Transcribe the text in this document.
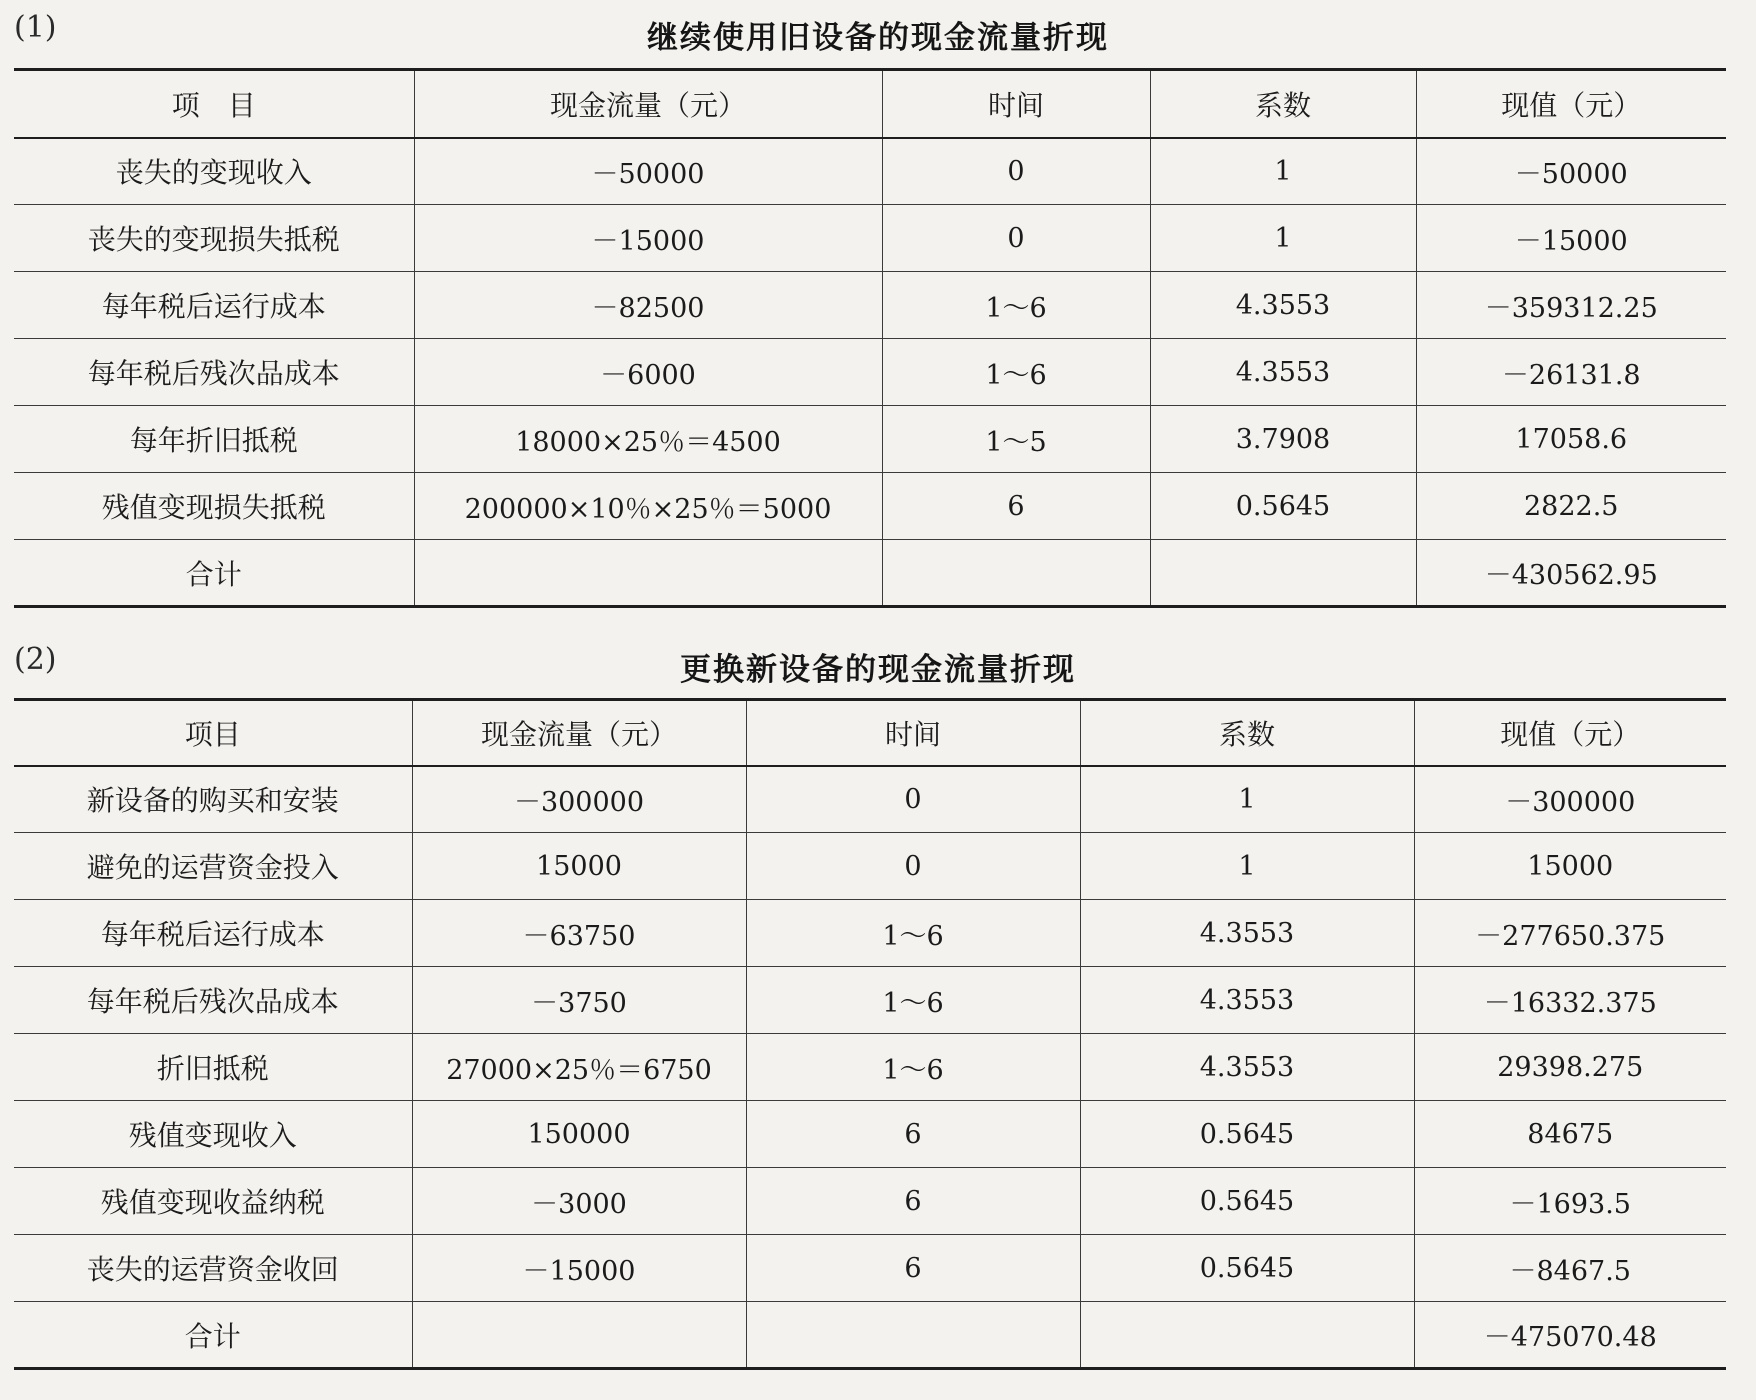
(1)	继续使用旧设备的现金流量折现
项　目	现金流量（元）	时间	系数	现值（元）
丧失的变现收入	－50000	0	1	－50000
丧失的变现损失抵税	－15000	0	1	－15000
每年税后运行成本	－82500	1～6	4.3553	－359312.25
每年税后残次品成本	－6000	1～6	4.3553	－26131.8
每年折旧抵税	18000×25％＝4500	1～5	3.7908	17058.6
残值变现损失抵税	200000×10％×25％＝5000	6	0.5645	2822.5
合计				－430562.95
(2)	更换新设备的现金流量折现
项目	现金流量（元）	时间	系数	现值（元）
新设备的购买和安装	－300000	0	1	－300000
避免的运营资金投入	15000	0	1	15000
每年税后运行成本	－63750	1～6	4.3553	－277650.375
每年税后残次品成本	－3750	1～6	4.3553	－16332.375
折旧抵税	27000×25％＝6750	1～6	4.3553	29398.275
残值变现收入	150000	6	0.5645	84675
残值变现收益纳税	－3000	6	0.5645	－1693.5
丧失的运营资金收回	－15000	6	0.5645	－8467.5
合计				－475070.48
